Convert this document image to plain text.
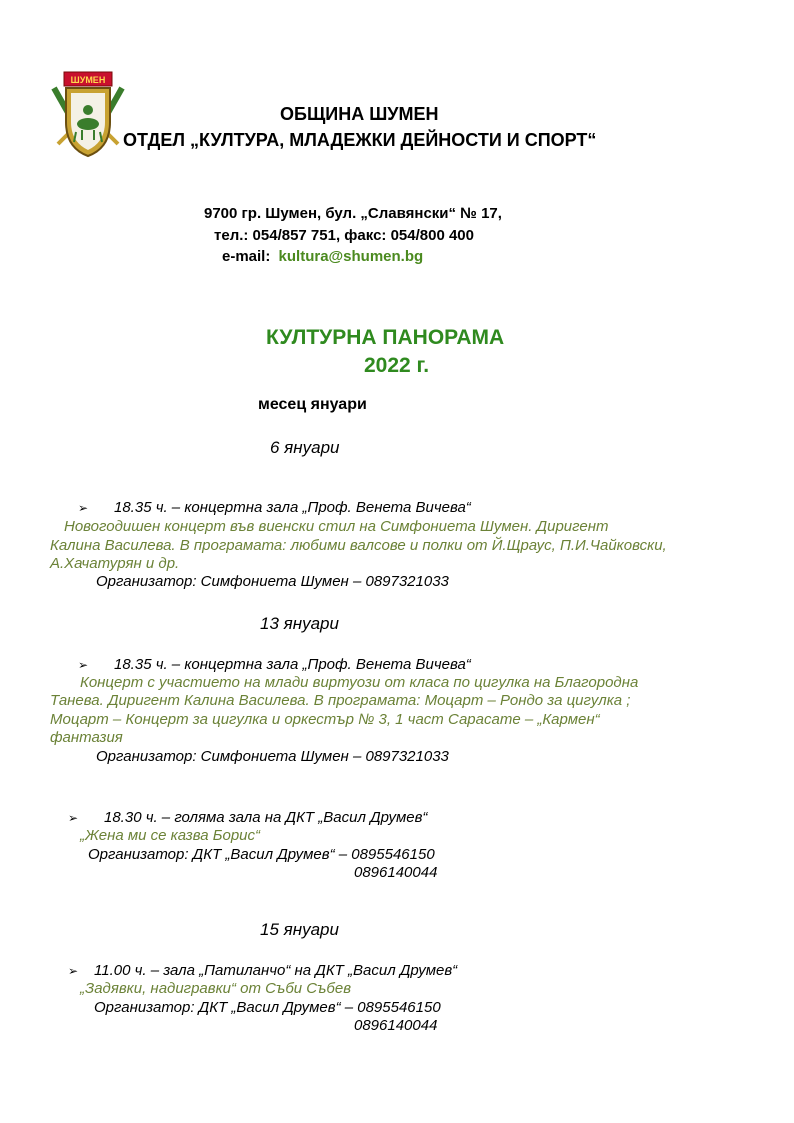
ШУМЕН
ОБЩИНА ШУМЕН
ОТДЕЛ „КУЛТУРА, МЛАДЕЖКИ ДЕЙНОСТИ И СПОРТ“
9700 гр. Шумен, бул. „Славянски“ № 17,
тел.: 054/857 751, факс: 054/800 400
e-mail: kultura@shumen.bg
КУЛТУРНА ПАНОРАМА
2022 г.
месец януари
6 януари
➢ 18.35 ч. – концертна зала „Проф. Венета Вичева“
Новогодишен концерт във виенски стил на Симфониета Шумен. Диригент
Калина Василева. В програмата: любими валсове и полки от Й.Щраус, П.И.Чайковски,
А.Хачатурян и др.
Организатор: Симфониета Шумен – 0897321033
13 януари
➢ 18.35 ч. – концертна зала „Проф. Венета Вичева“
Концерт с участието на млади виртуози от класа по цигулка на Благородна
Танева. Диригент Калина Василева. В програмата: Моцарт – Рондо за цигулка ;
Моцарт – Концерт за цигулка и оркестър № 3, 1 част Сарасате – „Кармен“
фантазия
Организатор: Симфониета Шумен – 0897321033
➢ 18.30 ч. – голяма зала на ДКТ „Васил Друмев“
„Жена ми се казва Борис“
Организатор: ДКТ „Васил Друмев“ – 0895546150
0896140044
15 януари
➢ 11.00 ч. – зала „Патиланчо“ на ДКТ „Васил Друмев“
„Задявки, надигравки“ от Съби Събев
Организатор: ДКТ „Васил Друмев“ – 0895546150
0896140044
